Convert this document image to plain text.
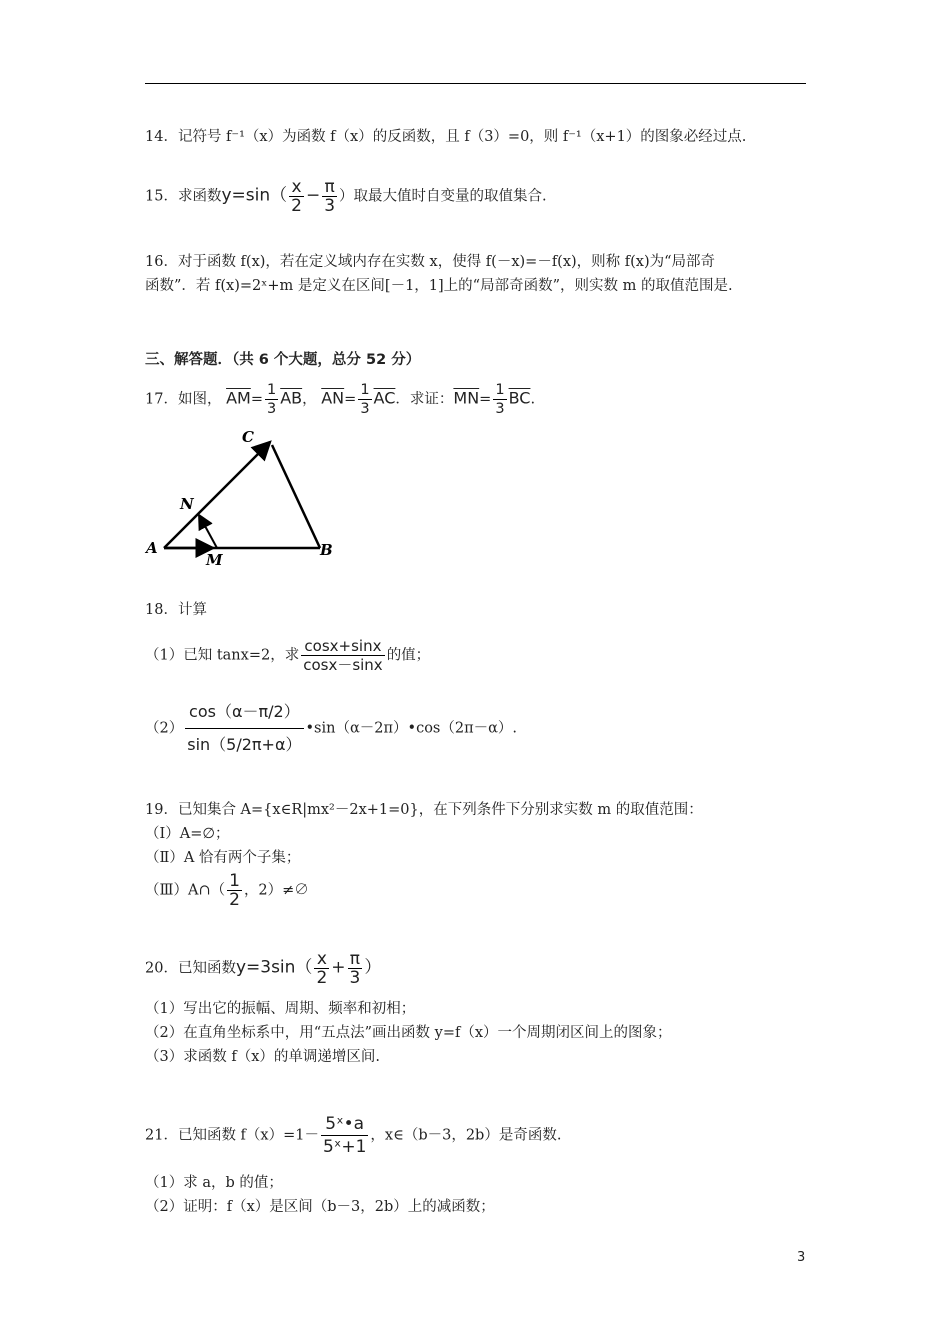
14．记符号 f⁻¹（x）为函数 f（x）的反函数，且 f（3）=0，则 f⁻¹（x+1）的图象必经过点.
15．求函数$y=\sin( \frac{x}{2} - \frac{\pi}{3}$ ）取最大值时自变量的取值集合.
16．对于函数 f(x)，若在定义域内存在实数 x，使得 f(－x)=－f(x)，则称 f(x)为“局部奇
函数”．若 f(x)=2ˣ+m 是定义在区间[－1，1]上的“局部奇函数”，则实数 m 的取值范围是.
三、解答题．（共 6 个大题，总分 52 分）
17．如图， $\overline{AM}= \frac{1}{3} \overline{AB}$， $\overline{AN}= \frac{1}{3} \overline{AC}$．求证：$\overline{MN}= \frac{1}{3} \overline{BC}$.
A	B
C
M
N
18．计算
（1）已知 tanx=2，求 $\frac{\cos x+\sin x}{\cos x-\sin x}$ 的值；
$(2) \frac{\cos(\alpha-\pi/2)}{\sin(5/2\pi+\alpha)}$ •sin（α－2π）•cos（2π－α）.
19．已知集合 A={x∈R|mx²－2x+1=0}，在下列条件下分别求实数 m 的取值范围：
（Ⅰ）A=∅；
（Ⅱ）A 恰有两个子集；
（Ⅲ）A∩（ $\frac{1}{2}$ ，2）≠∅
20．已知函数$y=3\sin( \frac{x}{2} + \frac{\pi}{3}$ ）
（1）写出它的振幅、周期、频率和初相；
（2）在直角坐标系中，用“五点法”画出函数 y=f（x）一个周期闭区间上的图象；
（3）求函数 f（x）的单调递增区间.
21．已知函数 $f(x)=1- \frac{\text{5ˣ•a}}{\text{5ˣ+1}}$ ，x∈（b－3，2b）是奇函数.
（1）求 a，b 的值；
（2）证明：f（x）是区间（b－3，2b）上的减函数；
3
